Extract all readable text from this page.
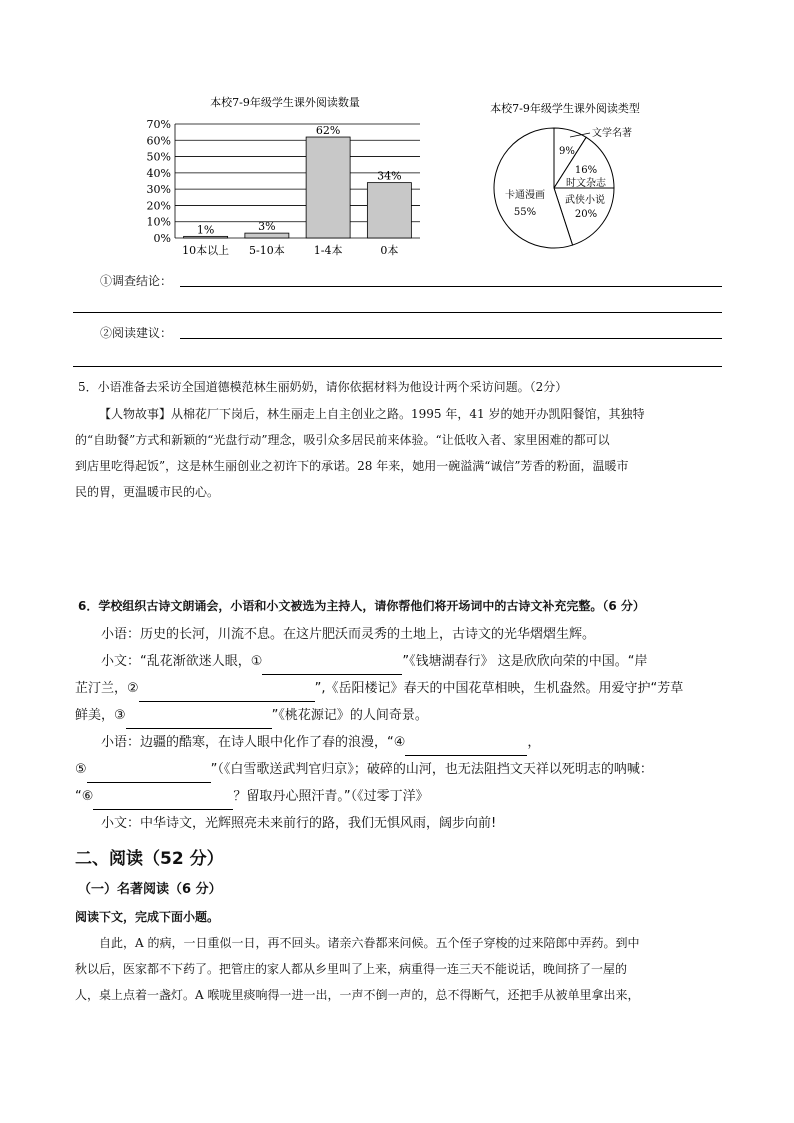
本校7-9年级学生课外阅读数量
0%
10%
20%
30%
40%
50%
60%
70%
1%	3%
62%
34%
10本以上 5-10本	1-4本	0本
本校7-9年级学生课外阅读类型
文学名著
9%
16%
时文杂志
武侠小说
20%
卡通漫画
55%
①调查结论：
②阅读建议：
5．小语准备去采访全国道德模范林生丽奶奶，请你依据材料为他设计两个采访问题。（2分）

【人物故事】从棉花厂下岗后，林生丽走上自主创业之路。1995 年，41 岁的她开办凯阳餐馆，其独特

的“自助餐”方式和新颖的“光盘行动”理念，吸引众多居民前来体验。“让低收入者、家里困难的都可以

到店里吃得起饭”，这是林生丽创业之初许下的承诺。28 年来，她用一碗溢满“诚信”芳香的粉面，温暖市

民的胃，更温暖市民的心。

6．学校组织古诗文朗诵会，小语和小文被选为主持人，请你帮他们将开场词中的古诗文补充完整。（6 分）

小语：历史的长河，川流不息。在这片肥沃而灵秀的土地上，古诗文的光华熠熠生辉。

小文：“乱花渐欲迷人眼，①	”《钱塘湖春行》 这是欣欣向荣的中国。“岸

芷汀兰，②	”,《岳阳楼记》春天的中国花草相映，生机盎然。用爱守护“芳草

鲜美，③	”《桃花源记》的人间奇景。

小语：边疆的酷寒，在诗人眼中化作了春的浪漫，“④	，

⑤	”（《白雪歌送武判官归京》；破碎的山河，也无法阻挡文天祥以死明志的呐喊：

“⑥	？留取丹心照汗青。”（《过零丁洋》

小文：中华诗文，光辉照亮未来前行的路，我们无惧风雨，阔步向前!

二、阅读（52 分）
（一）名著阅读（6 分）
阅读下文，完成下面小题。

自此，A 的病，一日重似一日，再不回头。诸亲六眷都来问候。五个侄子穿梭的过来陪郎中弄药。到中

秋以后，医家都不下药了。把管庄的家人都从乡里叫了上来，病重得一连三天不能说话，晚间挤了一屋的

人，桌上点着一盏灯。A 喉咙里痰响得一进一出，一声不倒一声的，总不得断气，还把手从被单里拿出来，
